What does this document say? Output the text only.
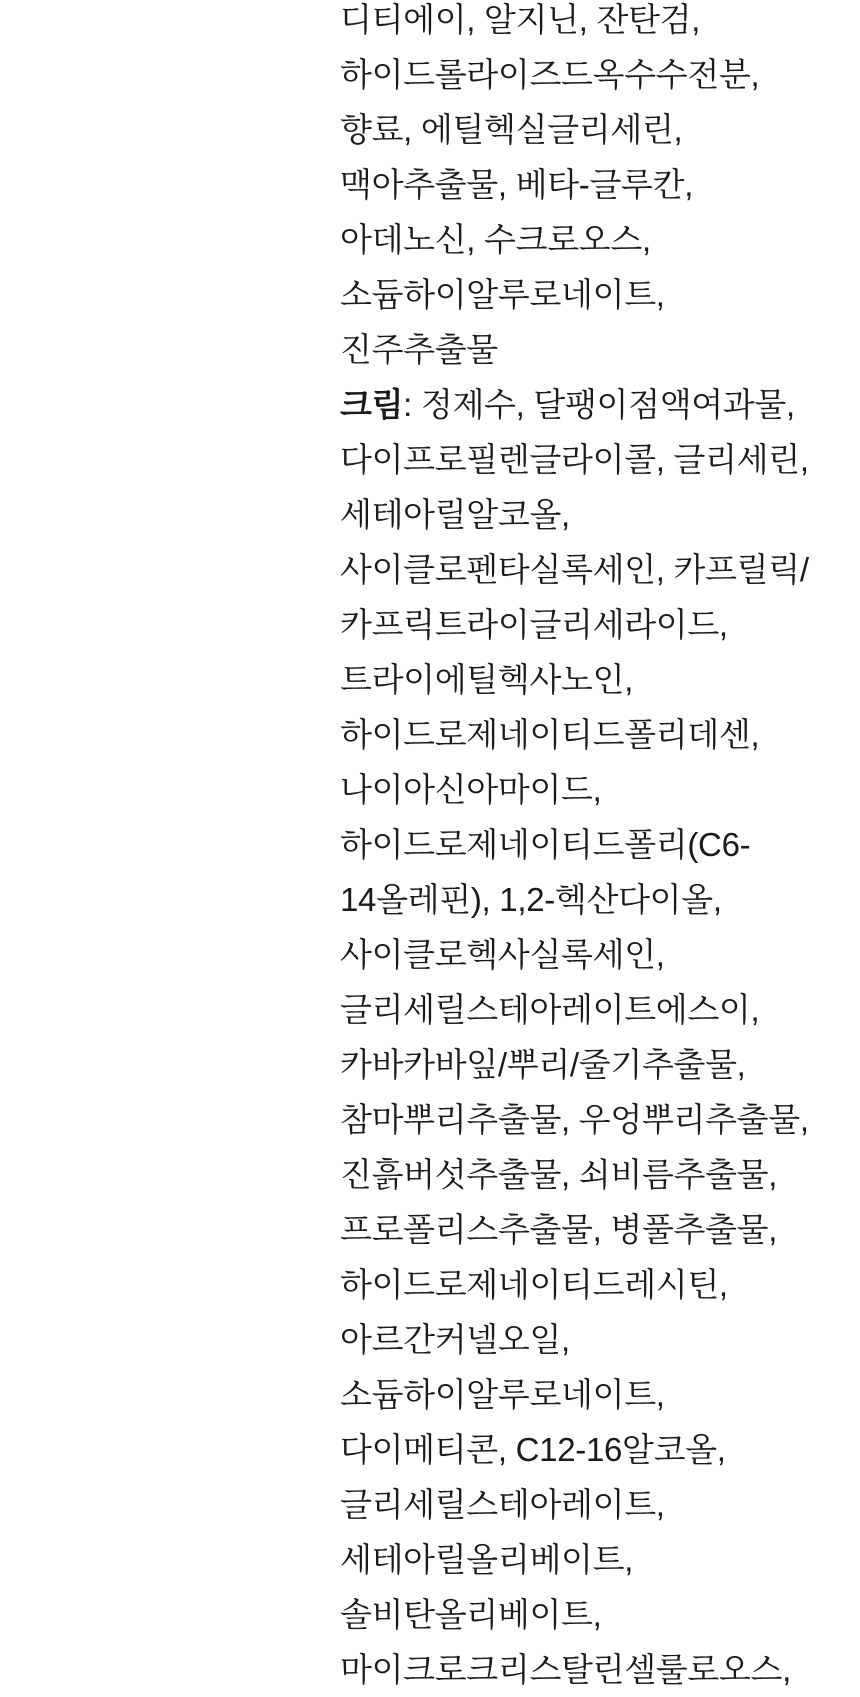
디티에이, 알지닌, 잔탄검, 하이드롤라이즈드옥수수전분, 향료, 에틸헥실글리세린, 맥아추출물, 베타-글루칸, 아데노신, 수크로오스, 소듐하이알루로네이트, 진주추출물

크림: 정제수, 달팽이점액여과물, 다이프로필렌글라이콜, 글리세린, 세테아릴알코올, 사이클로펜타실록세인, 카프릴릭/카프릭트라이글리세라이드, 트라이에틸헥사노인, 하이드로제네이티드폴리데센, 나이아신아마이드, 하이드로제네이티드폴리(C6-14올레핀), 1,2-헥산다이올, 사이클로헥사실록세인, 글리세릴스테아레이트에스이, 카바카바잎/뿌리/줄기추출물, 참마뿌리추출물, 우엉뿌리추출물, 진흙버섯추출물, 쇠비름추출물, 프로폴리스추출물, 병풀추출물, 하이드로제네이티드레시틴, 아르간커넬오일, 소듐하이알루로네이트, 다이메티콘, C12-16알코올, 글리세릴스테아레이트, 세테아릴올리베이트, 솔비탄올리베이트, 마이크로크리스탈린셀룰로오스,
